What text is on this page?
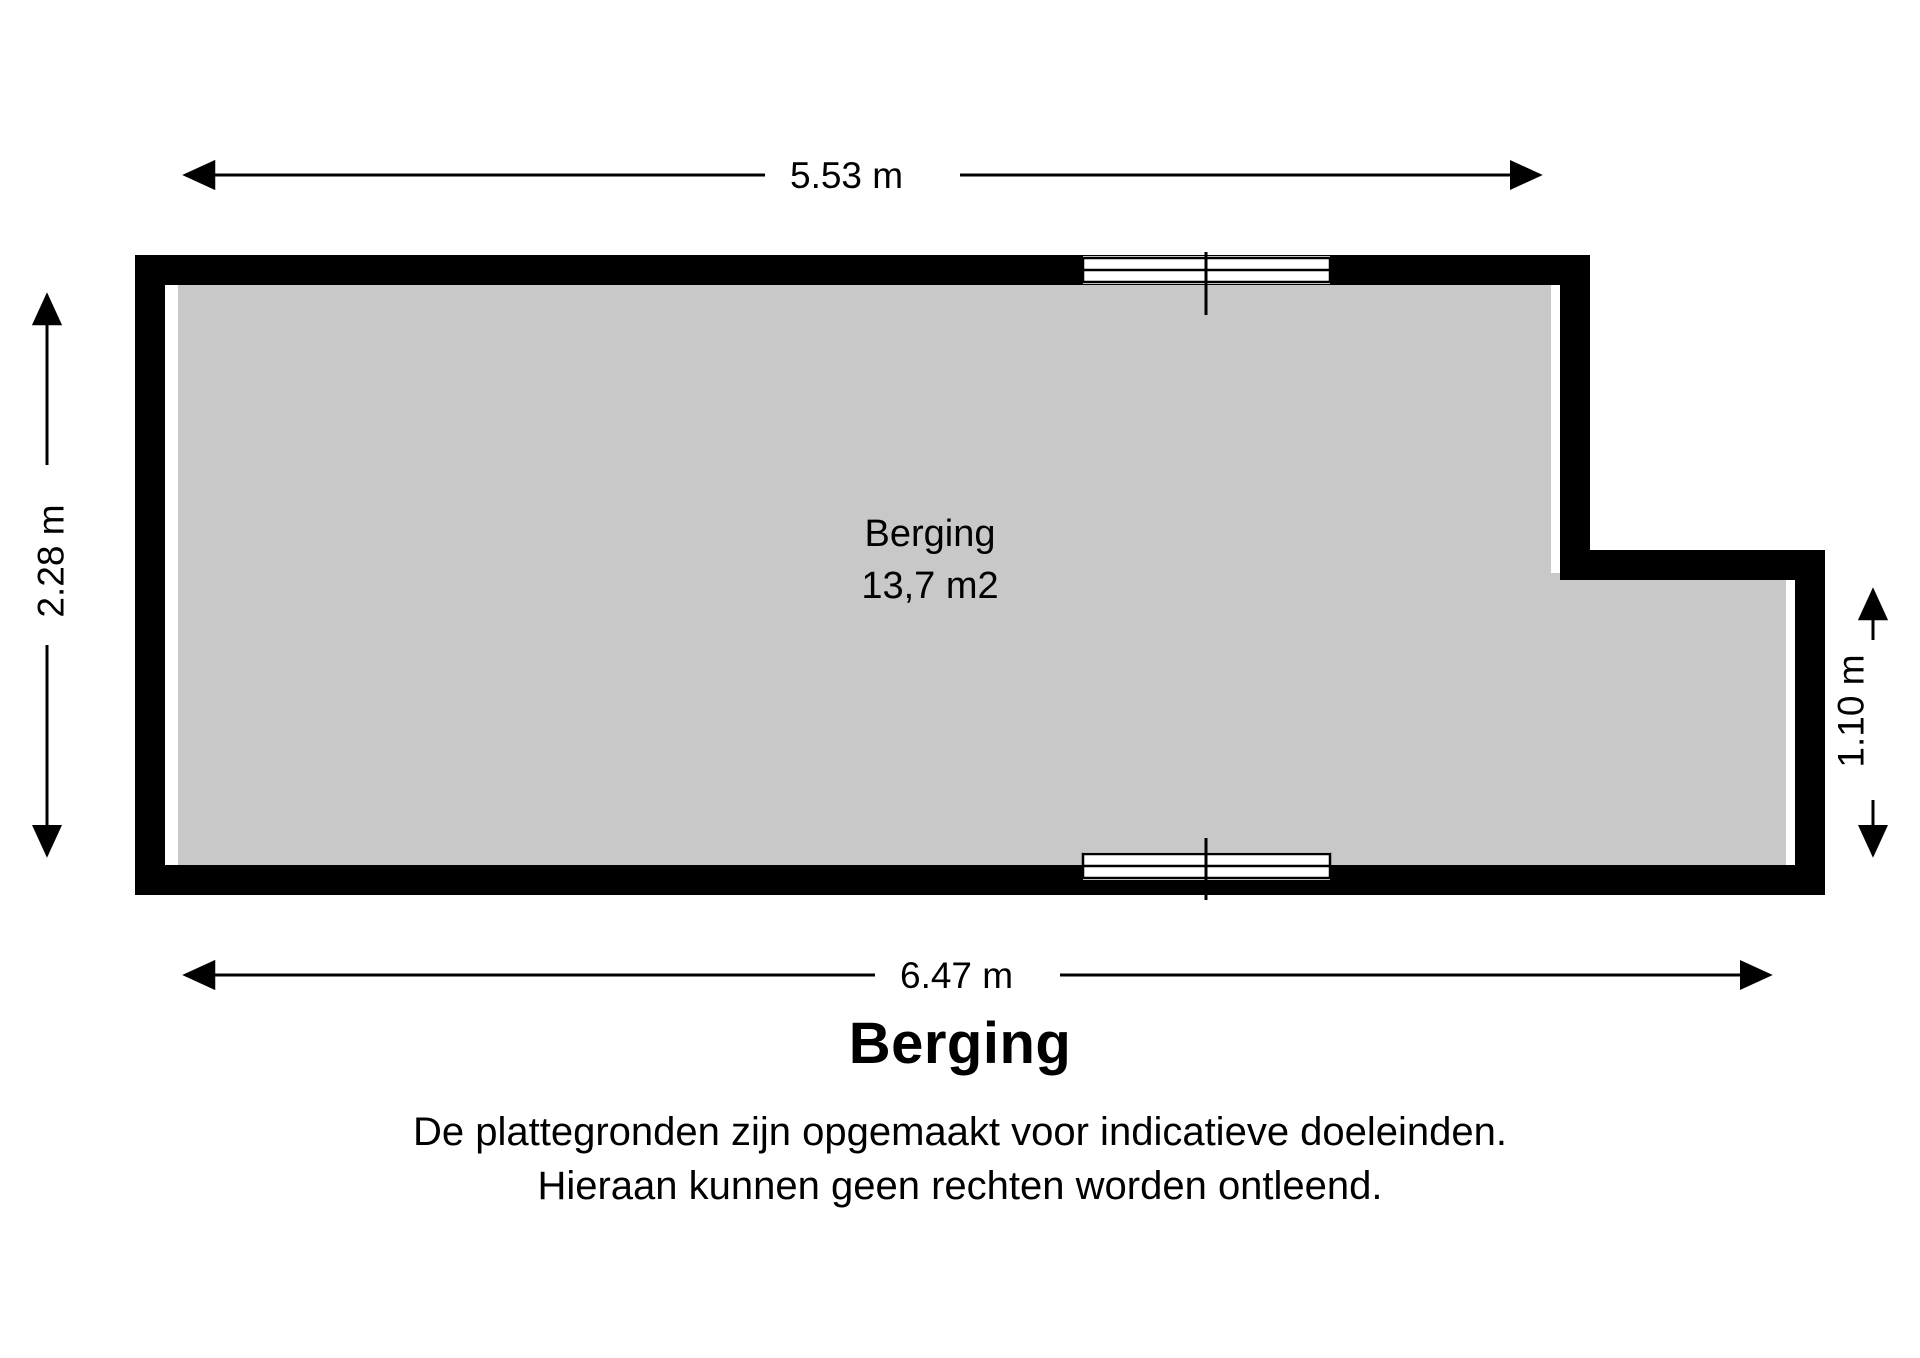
5.53 m
6.47 m
2.28 m
1.10 m
Berging
13,7 m2
Berging
De plattegronden zijn opgemaakt voor indicatieve doeleinden.
Hieraan kunnen geen rechten worden ontleend.
